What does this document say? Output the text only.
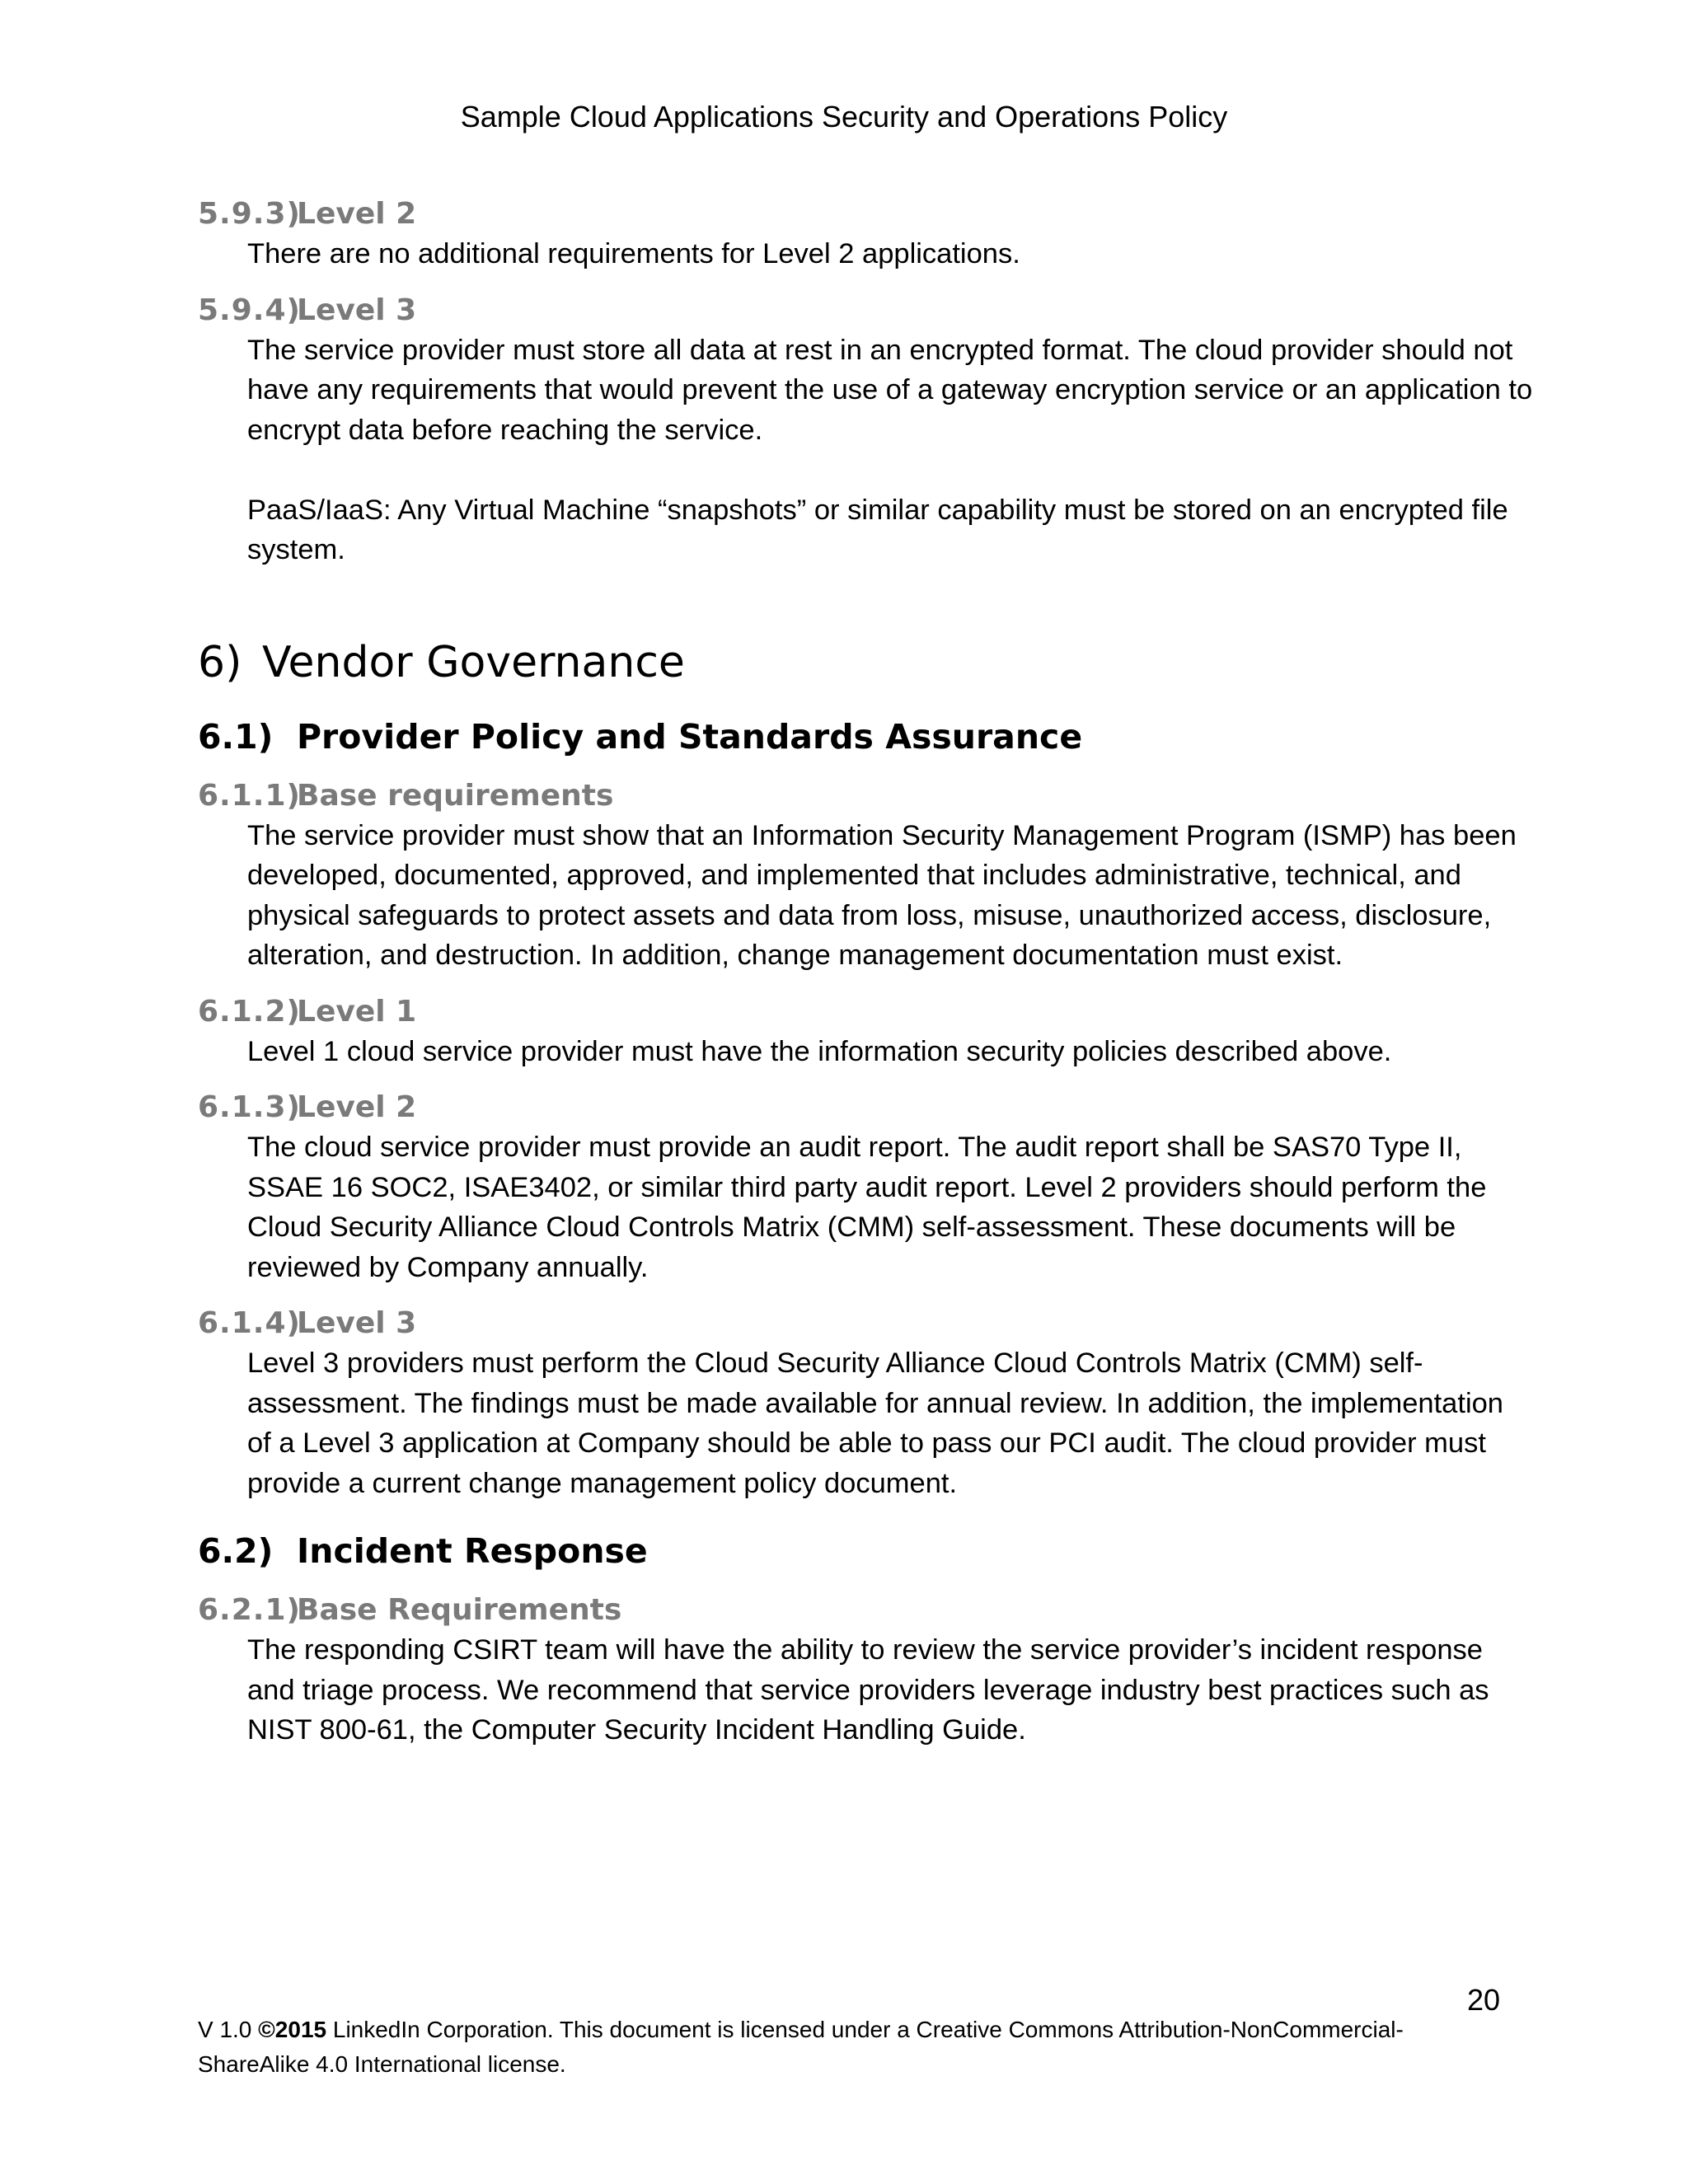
Sample Cloud Applications Security and Operations Policy
5.9.3)
Level 2

There are no additional requirements for Level 2 applications.

5.9.4)
Level 3

The service provider must store all data at rest in an encrypted format. The cloud provider should not have any requirements that would prevent the use of a gateway encryption service or an application to encrypt data before reaching the service.

PaaS/IaaS: Any Virtual Machine “snapshots” or similar capability must be stored on an encrypted file system.

6) Vendor Governance
6.1) Provider Policy and Standards Assurance
6.1.1)
Base requirements

The service provider must show that an Information Security Management Program (ISMP) has been developed, documented, approved, and implemented that includes administrative, technical, and physical safeguards to protect assets and data from loss, misuse, unauthorized access, disclosure, alteration, and destruction. In addition, change management documentation must exist.

6.1.2)
Level 1

Level 1 cloud service provider must have the information security policies described above.

6.1.3)
Level 2

The cloud service provider must provide an audit report. The audit report shall be SAS70 Type II, SSAE 16 SOC2, ISAE3402, or similar third party audit report. Level 2 providers should perform the Cloud Security Alliance Cloud Controls Matrix (CMM) self-assessment. These documents will be reviewed by Company annually.

6.1.4)
Level 3

Level 3 providers must perform the Cloud Security Alliance Cloud Controls Matrix (CMM) self-assessment. The findings must be made available for annual review. In addition, the implementation of a Level 3 application at Company should be able to pass our PCI audit. The cloud provider must provide a current change management policy document.

6.2) Incident Response
6.2.1)
Base Requirements

The responding CSIRT team will have the ability to review the service provider’s incident response and triage process. We recommend that service providers leverage industry best practices such as NIST 800-61, the Computer Security Incident Handling Guide.

20
V 1.0 ©2015 LinkedIn Corporation. This document is licensed under a Creative Commons Attribution-NonCommercial-ShareAlike 4.0 International license.
